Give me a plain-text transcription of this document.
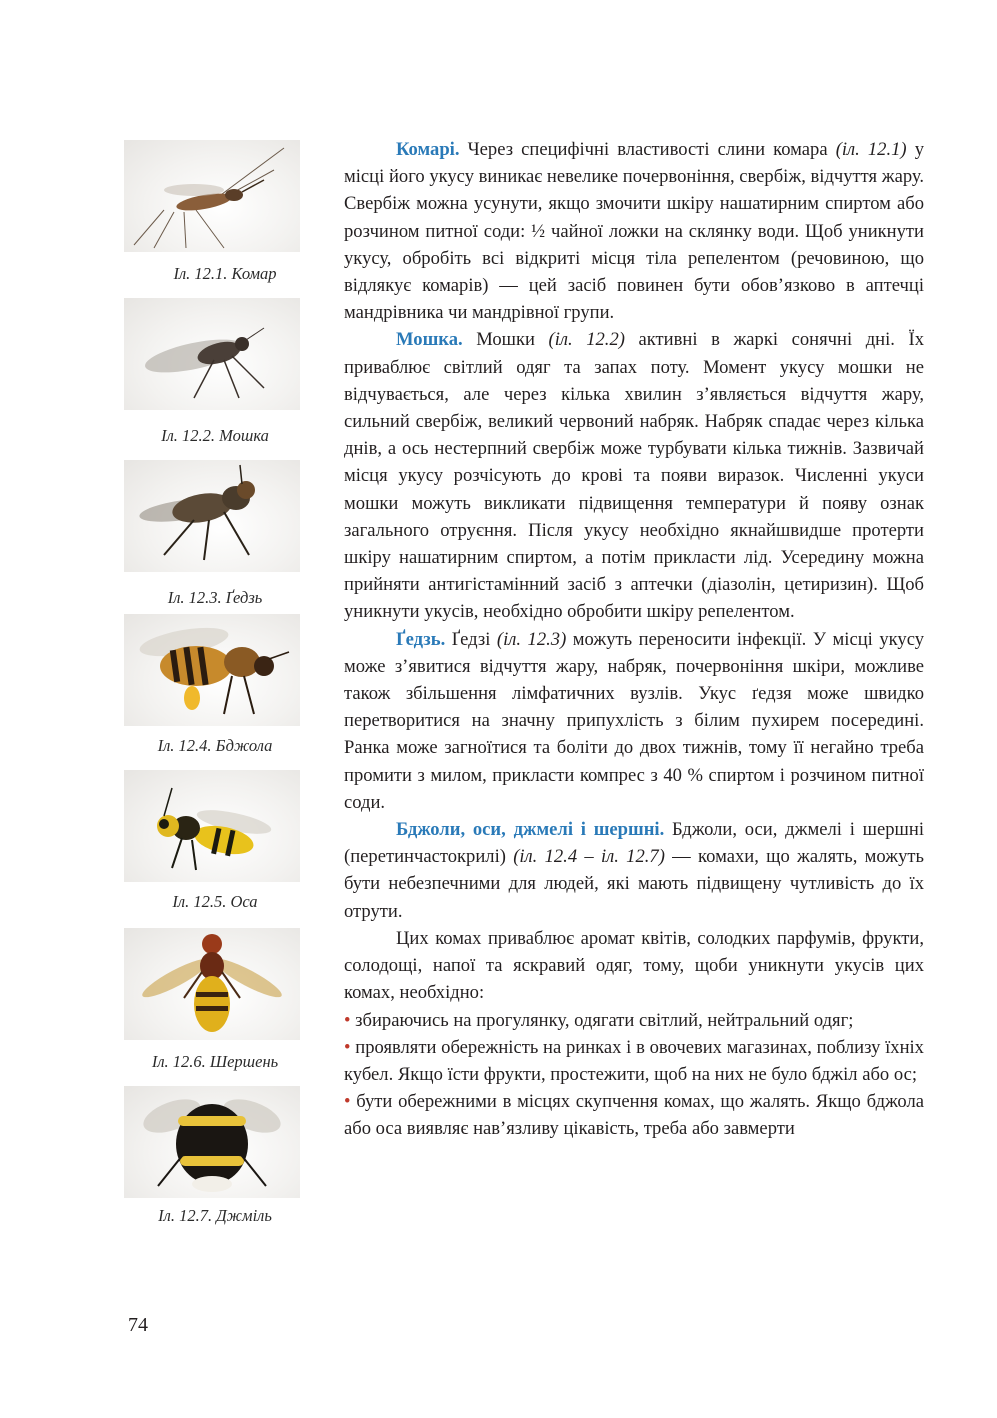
Іл. 12.1. Комар
Іл. 12.2. Мошка
Іл. 12.3. Ґедзь
Іл. 12.4. Бджола
Іл. 12.5. Оса
Іл. 12.6. Шершень
Іл. 12.7. Джміль

Комарі. Через специфічні властивості слини комара (іл. 12.1) у місці його укусу виникає невелике почервоніння, свербіж, відчуття жару. Свербіж можна усунути, якщо змочити шкіру нашатирним спиртом або розчином питної соди: ½ чайної ложки на склянку води. Щоб уникнути укусу, обробіть всі відкриті місця тіла репелентом (речовиною, що відлякує комарів) — цей засіб повинен бути обов’язково в аптечці мандрівника чи мандрівної групи.

Мошка. Мошки (іл. 12.2) активні в жаркі сонячні дні. Їх приваблює світлий одяг та запах поту. Момент укусу мошки не відчувається, але через кілька хвилин з’являється відчуття жару, сильний свербіж, великий червоний набряк. Набряк спадає через кілька днів, а ось нестерпний свербіж може турбувати кілька тижнів. Зазвичай місця укусу розчісують до крові та появи виразок. Численні укуси мошки можуть викликати підвищення температури й появу ознак загального отруєння. Після укусу необхідно якнайшвидше протерти шкіру нашатирним спиртом, а потім прикласти лід. Усередину можна прийняти антигістамінний засіб з аптечки (діазолін, цетиризин). Щоб уникнути укусів, необхідно обробити шкіру репелентом.

Ґедзь. Ґедзі (іл. 12.3) можуть переносити інфекції. У місці укусу може з’явитися відчуття жару, набряк, почервоніння шкіри, можливе також збільшення лімфатичних вузлів. Укус ґедзя може швидко перетворитися на значну припухлість з білим пухирем посередині. Ранка може загноїтися та боліти до двох тижнів, тому її негайно треба промити з милом, прикласти компрес з 40 % спиртом і розчином питної соди.

Бджоли, оси, джмелі і шершні. Бджоли, оси, джмелі і шершні (перетинчастокрилі) (іл. 12.4 – іл. 12.7) — комахи, що жалять, можуть бути небезпечними для людей, які мають підвищену чутливість до їх отрути.

Цих комах приваблює аромат квітів, солодких парфумів, фрукти, солодощі, напої та яскравий одяг, тому, щоби уникнути укусів цих комах, необхідно:

• збираючись на прогулянку, одягати світлий, нейтральний одяг;

• проявляти обережність на ринках і в овочевих магазинах, поблизу їхніх кубел. Якщо їсти фрукти, простежити, щоб на них не було бджіл або ос;

• бути обережними в місцях скупчення комах, що жалять. Якщо бджола або оса виявляє нав’язливу цікавість, треба або завмерти

74
